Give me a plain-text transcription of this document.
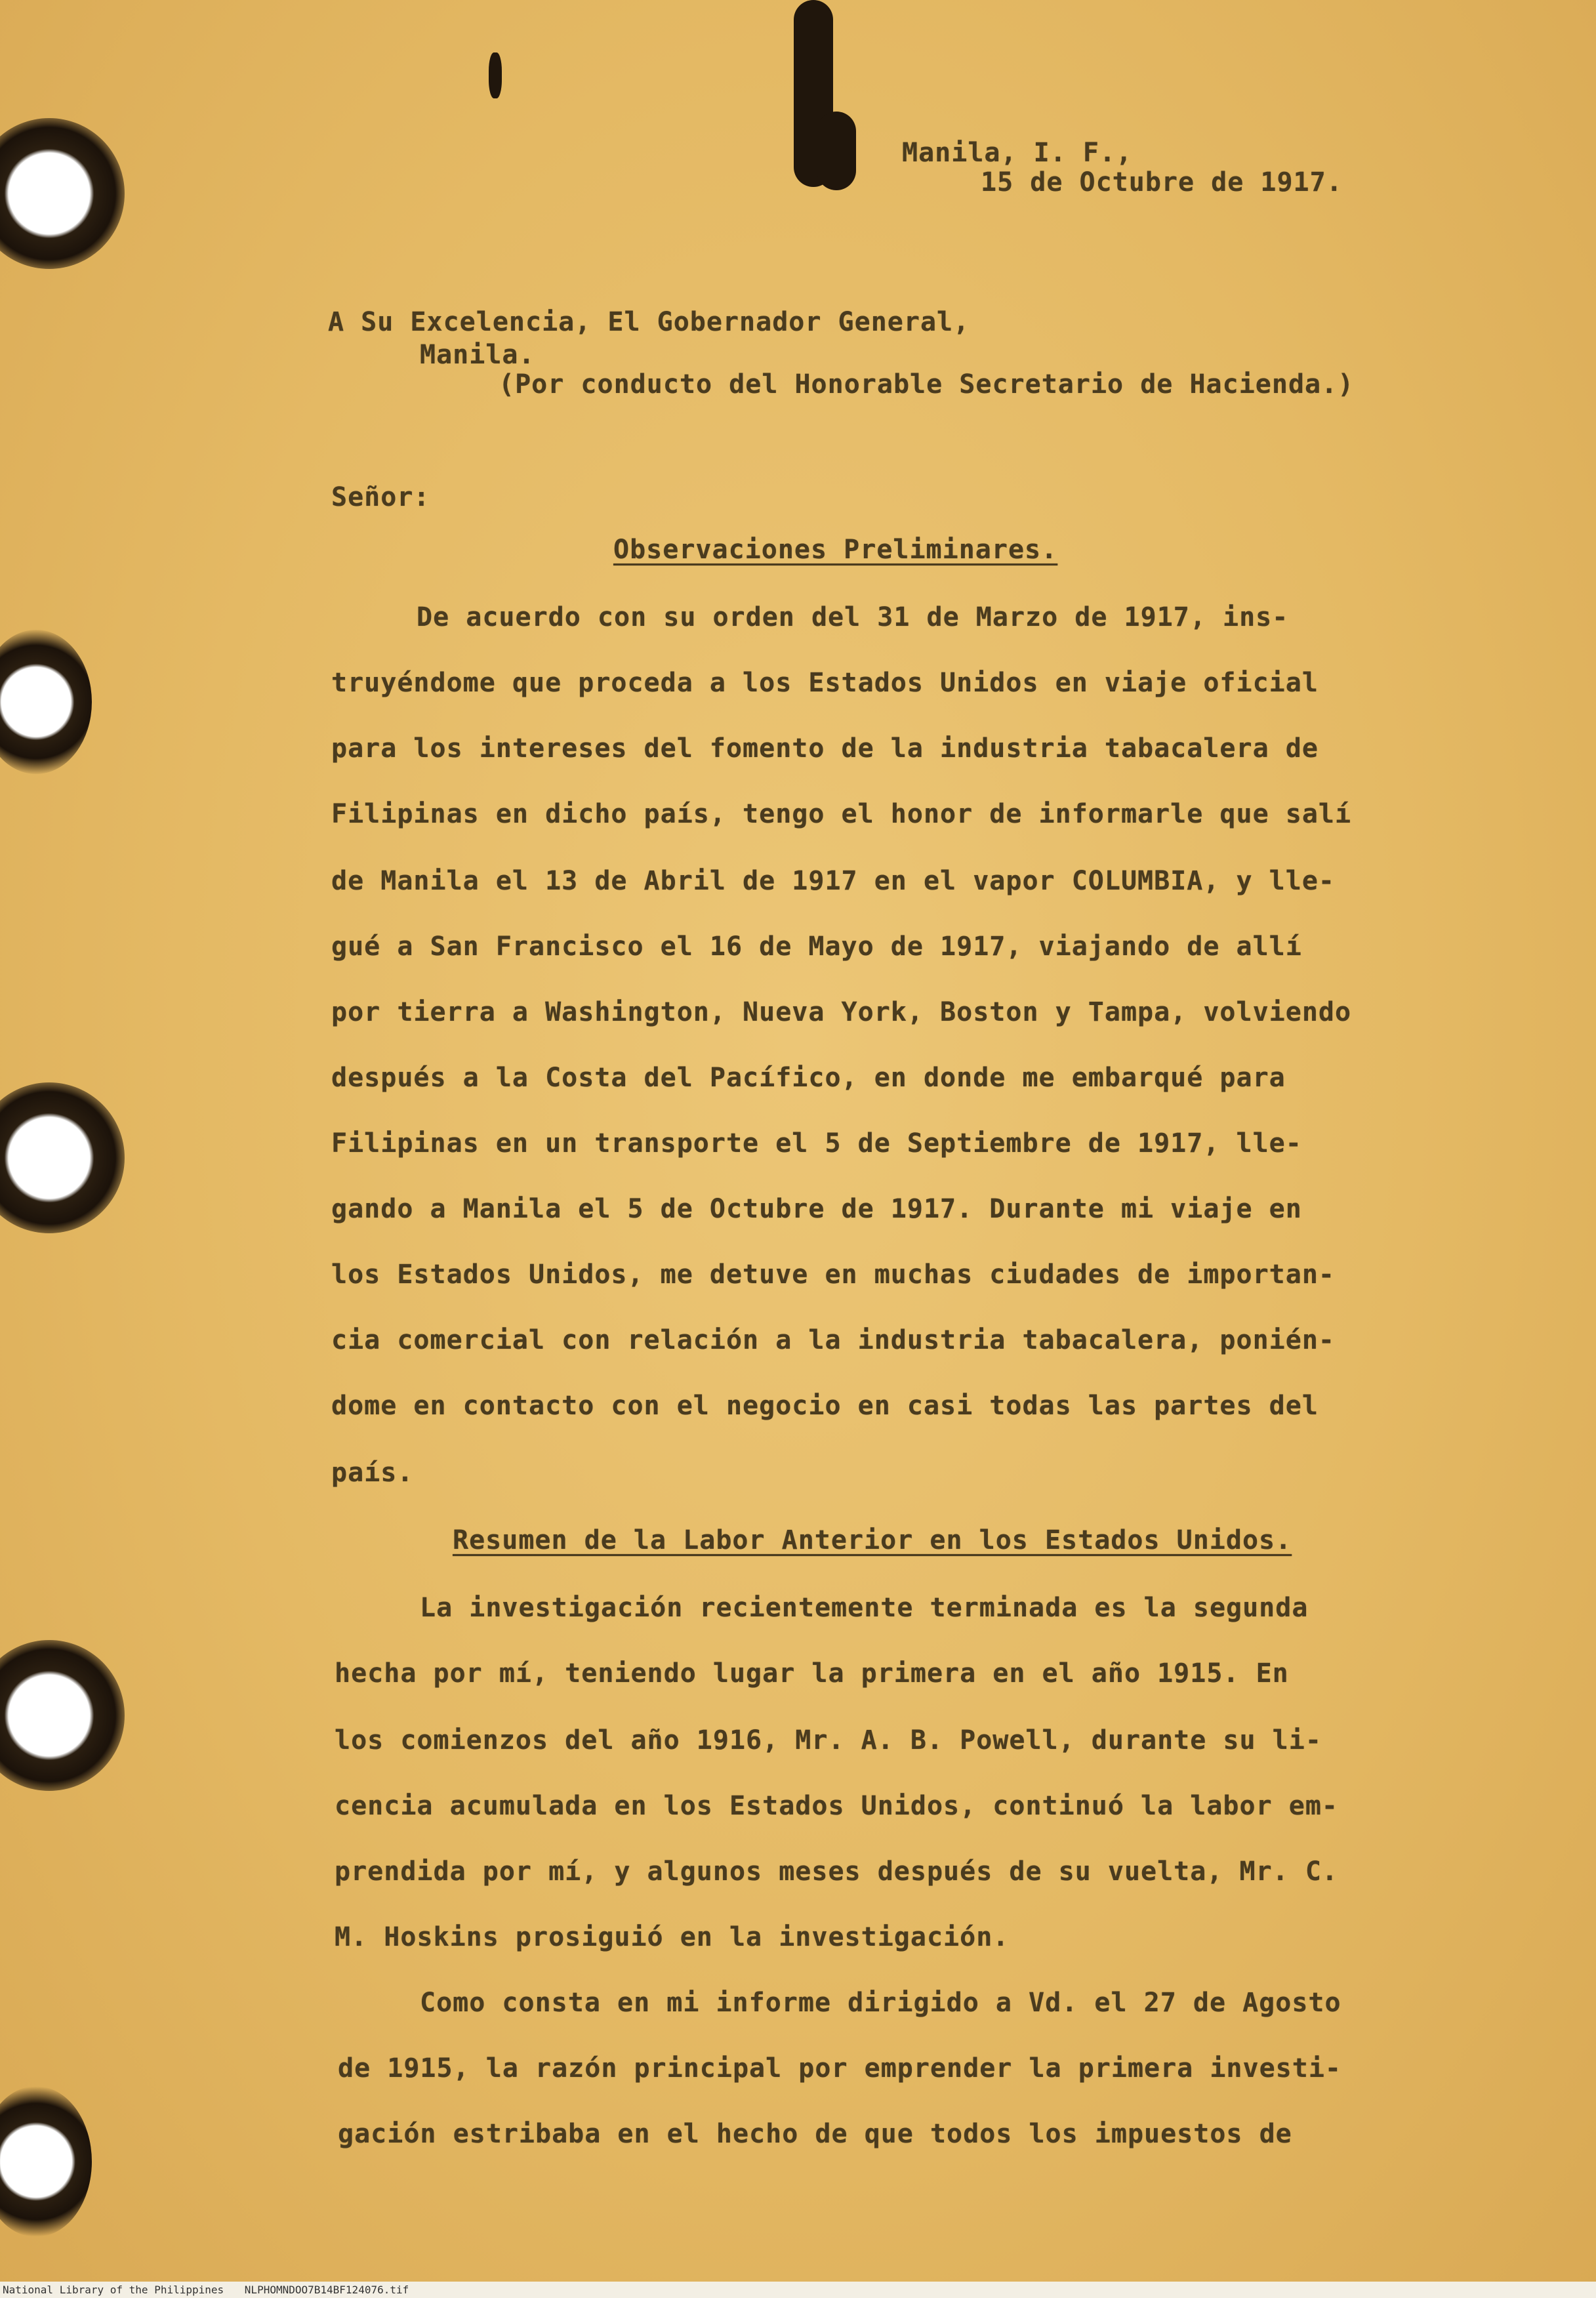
Manila, I. F.,
15 de Octubre de 1917.
A Su Excelencia, El Gobernador General,
Manila.
(Por conducto del Honorable Secretario de Hacienda.)
Señor:
Observaciones Preliminares.
De acuerdo con su orden del 31 de Marzo de 1917, ins-
truyéndome que proceda a los Estados Unidos en viaje oficial
para los intereses del fomento de la industria tabacalera de
Filipinas en dicho país, tengo el honor de informarle que salí
de Manila el 13 de Abril de 1917 en el vapor COLUMBIA, y lle-
gué a San Francisco el 16 de Mayo de 1917, viajando de allí
por tierra a Washington, Nueva York, Boston y Tampa, volviendo
después a la Costa del Pacífico, en donde me embarqué para
Filipinas en un transporte el 5 de Septiembre de 1917, lle-
gando a Manila el 5 de Octubre de 1917. Durante mi viaje en
los Estados Unidos, me detuve en muchas ciudades de importan-
cia comercial con relación a la industria tabacalera, ponién-
dome en contacto con el negocio en casi todas las partes del
país.
Resumen de la Labor Anterior en los Estados Unidos.
La investigación recientemente terminada es la segunda
hecha por mí, teniendo lugar la primera en el año 1915. En
los comienzos del año 1916, Mr. A. B. Powell, durante su li-
cencia acumulada en los Estados Unidos, continuó la labor em-
prendida por mí, y algunos meses después de su vuelta, Mr. C.
M. Hoskins prosiguió en la investigación.
Como consta en mi informe dirigido a Vd. el 27 de Agosto
de 1915, la razón principal por emprender la primera investi-
gación estribaba en el hecho de que todos los impuestos de
National Library of the Philippines NLPHOMNDOO7B14BF124076.tif
